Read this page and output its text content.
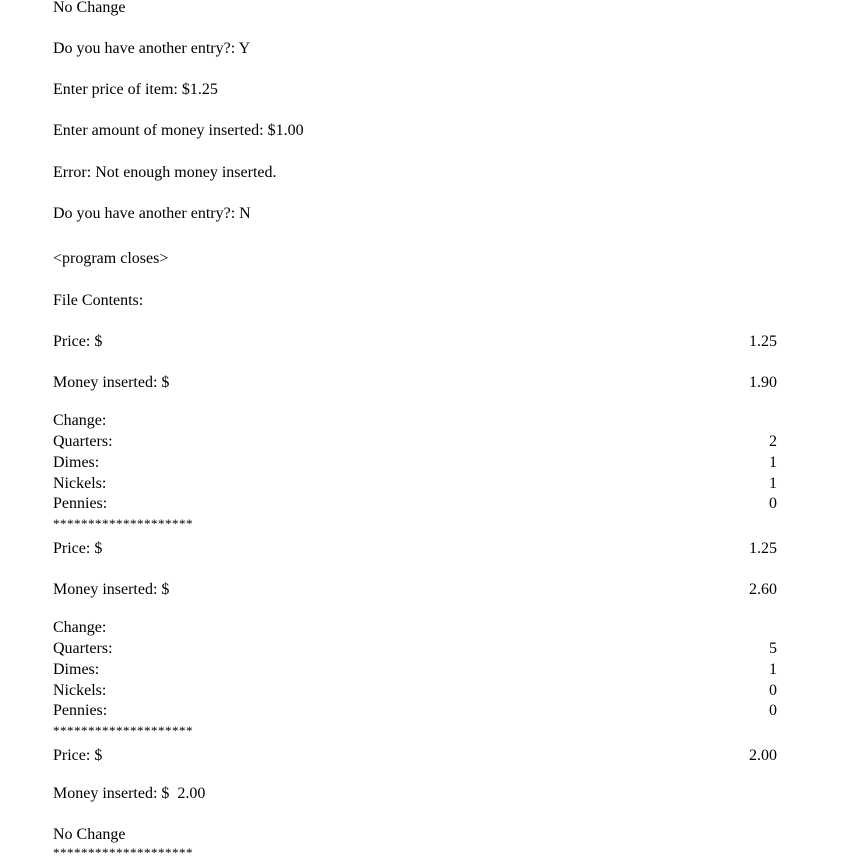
No Change
Do you have another entry?: Y
Enter price of item: $1.25
Enter amount of money inserted: $1.00
Error: Not enough money inserted.
Do you have another entry?: N
<program closes>
File Contents:
Price: $	1.25
Money inserted: $	1.90
Change:
Quarters:	2
Dimes:	1
Nickels:	1
Pennies:	0
********************
Price: $	1.25
Money inserted: $	2.60
Change:
Quarters:	5
Dimes:	1
Nickels:	0
Pennies:	0
********************
Price: $	2.00
Money inserted: $  2.00
No Change
********************
